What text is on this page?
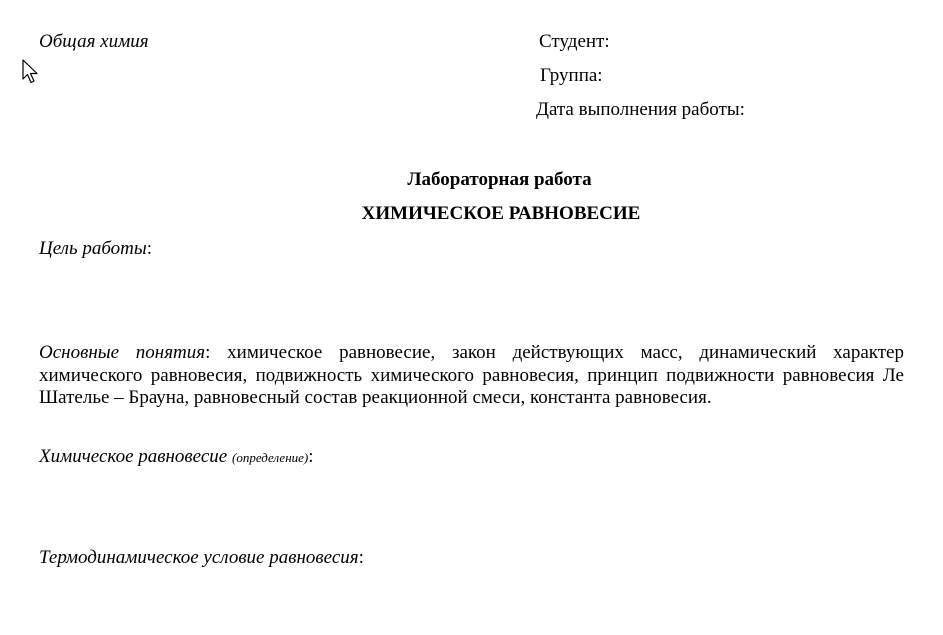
Общая химия	Студент:
Группа:
Дата выполнения работы:
Лабораторная работа
ХИМИЧЕСКОЕ РАВНОВЕСИЕ
Цель работы:
Основные понятия: химическое равновесие, закон действующих масс, динамический характер химического равновесия, подвижность химического равновесия, принцип подвижности равновесия Ле Шателье – Брауна, равновесный состав реакционной смеси, константа равновесия.
Химическое равновесие (определение):
Термодинамическое условие равновесия:
